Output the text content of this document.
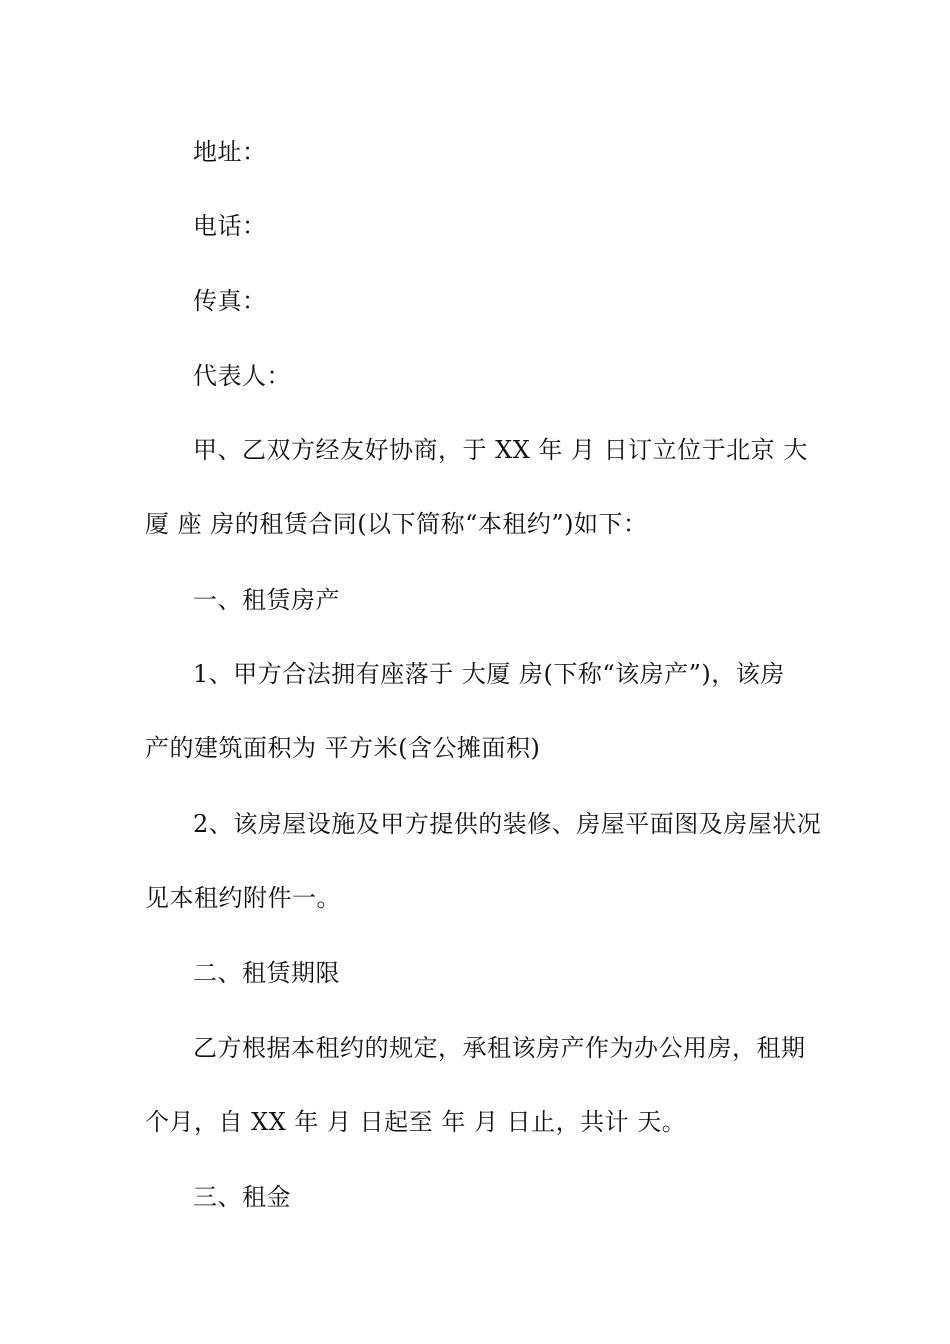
地址：
电话：
传真：
代表人：
甲、乙双方经友好协商，于 XX 年 月 日订立位于北京 大
厦 座 房的租赁合同(以下简称“本租约”)如下：
一、租赁房产
1、甲方合法拥有座落于 大厦 房(下称“该房产”)，该房
产的建筑面积为 平方米(含公摊面积)
2、该房屋设施及甲方提供的装修、房屋平面图及房屋状况
见本租约附件一。
二、租赁期限
乙方根据本租约的规定，承租该房产作为办公用房，租期
个月，自 XX 年 月 日起至 年 月 日止，共计 天。
三、租金
